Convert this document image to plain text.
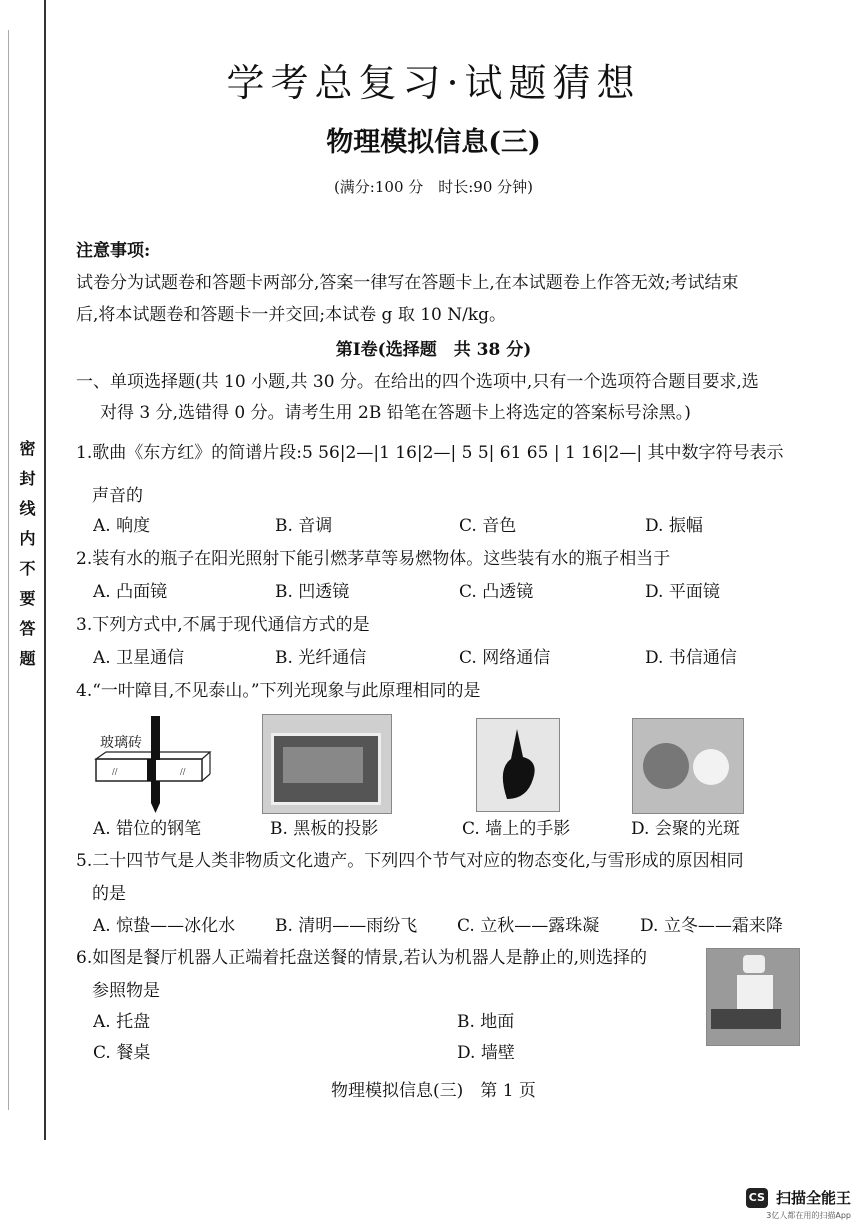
密封线内不要答题
学考总复习·试题猜想
物理模拟信息(三)
(满分:100 分　时长:90 分钟)
注意事项:
试卷分为试题卷和答题卡两部分,答案一律写在答题卡上,在本试题卷上作答无效;考试结束
后,将本试题卷和答题卡一并交回;本试卷 g 取 10 N/kg。
第Ⅰ卷(选择题　共 38 分)
一、单项选择题(共 10 小题,共 30 分。在给出的四个选项中,只有一个选项符合题目要求,选
对得 3 分,选错得 0 分。请考生用 2B 铅笔在答题卡上将选定的答案标号涂黑。)
1.歌曲《东方红》的简谱片段:5 56|2—|1 16|2—| 5 5| 61 65 | 1 16|2—| 其中数字符号表示
声音的
A. 响度	B. 音调	C. 音色	D. 振幅
2.装有水的瓶子在阳光照射下能引燃茅草等易燃物体。这些装有水的瓶子相当于
A. 凸面镜	B. 凹透镜	C. 凸透镜	D. 平面镜
3.下列方式中,不属于现代通信方式的是
A. 卫星通信	B. 光纤通信	C. 网络通信	D. 书信通信
4.“一叶障目,不见泰山。”下列光现象与此原理相同的是
玻璃砖
//	//
A. 错位的钢笔	B. 黑板的投影	C. 墙上的手影	D. 会聚的光斑
5.二十四节气是人类非物质文化遗产。下列四个节气对应的物态变化,与雪形成的原因相同
的是
A. 惊蛰——冰化水 B. 清明——雨纷飞 C. 立秋——露珠凝 D. 立冬——霜来降
6.如图是餐厅机器人正端着托盘送餐的情景,若认为机器人是静止的,则选择的
参照物是
A. 托盘	B. 地面
C. 餐桌	D. 墙壁
物理模拟信息(三)　第 1 页
CS 扫描全能王
3亿人都在用的扫描App
